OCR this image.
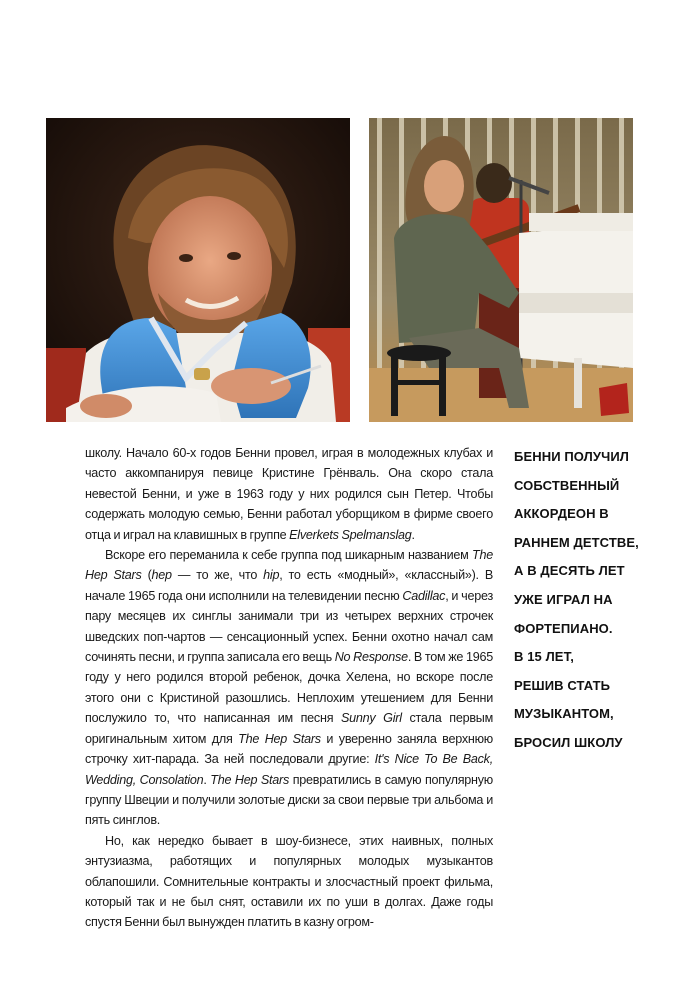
школу. Начало 60-х годов Бенни провел, играя в молодежных клубах и часто аккомпанируя певице Кристине Грёнваль. Она скоро стала невестой Бенни, и уже в 1963 году у них родился сын Петер. Чтобы содержать молодую семью, Бенни работал уборщиком в фирме своего отца и играл на клавишных в группе Elverkets Spelmanslag.

Вскоре его переманила к себе группа под шикарным названием The Hep Stars (hep — то же, что hip, то есть «модный», «классный»). В начале 1965 года они исполнили на телевидении песню Cadillac, и через пару месяцев их синглы занимали три из четырех верхних строчек шведских поп-чартов — сенсационный успех. Бенни охотно начал сам сочинять песни, и группа записала его вещь No Response. В том же 1965 году у него родился второй ребенок, дочка Хелена, но вскоре после этого они с Кристиной разошлись. Неплохим утешением для Бенни послужило то, что написанная им песня Sunny Girl стала первым оригинальным хитом для The Hep Stars и уверенно заняла верхнюю строчку хит-парада. За ней последовали другие: It's Nice To Be Back, Wedding, Consolation. The Hep Stars превратились в самую популярную группу Швеции и получили золотые диски за свои первые три альбома и пять синглов.

Но, как нередко бывает в шоу-бизнесе, этих наивных, полных энтузиазма, работящих и популярных молодых музыкантов облапошили. Сомнительные контракты и злосчастный проект фильма, который так и не был снят, оставили их по уши в долгах. Даже годы спустя Бенни был вынужден платить в казну огром-

БЕННИ ПОЛУЧИЛ
СОБСТВЕННЫЙ
АККОРДЕОН В
РАННЕМ ДЕТСТВЕ,
А В ДЕСЯТЬ ЛЕТ
УЖЕ ИГРАЛ НА
ФОРТЕПИАНО.
В 15 ЛЕТ,
РЕШИВ СТАТЬ
МУЗЫКАНТОМ,
БРОСИЛ ШКОЛУ
